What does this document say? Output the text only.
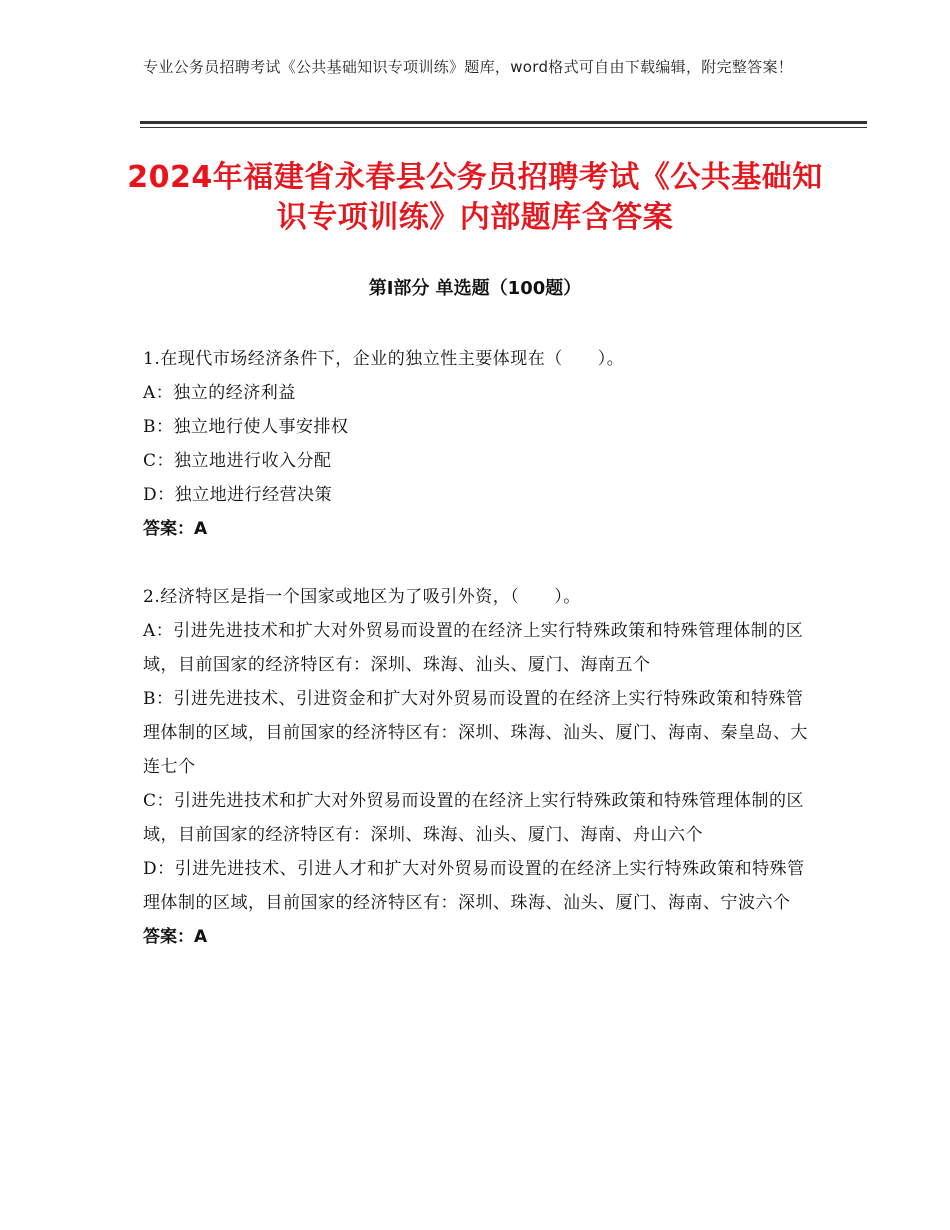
专业公务员招聘考试《公共基础知识专项训练》题库，word格式可自由下载编辑，附完整答案！
2024年福建省永春县公务员招聘考试《公共基础知识专项训练》内部题库含答案
第Ⅰ部分 单选题（100题）
1.在现代市场经济条件下，企业的独立性主要体现在（　　）。
A：独立的经济利益
B：独立地行使人事安排权
C：独立地进行收入分配
D：独立地进行经营决策
答案：A
2.经济特区是指一个国家或地区为了吸引外资，（　　）。
A：引进先进技术和扩大对外贸易而设置的在经济上实行特殊政策和特殊管理体制的区域，目前国家的经济特区有：深圳、珠海、汕头、厦门、海南五个
B：引进先进技术、引进资金和扩大对外贸易而设置的在经济上实行特殊政策和特殊管理体制的区域，目前国家的经济特区有：深圳、珠海、汕头、厦门、海南、秦皇岛、大连七个
C：引进先进技术和扩大对外贸易而设置的在经济上实行特殊政策和特殊管理体制的区域，目前国家的经济特区有：深圳、珠海、汕头、厦门、海南、舟山六个
D：引进先进技术、引进人才和扩大对外贸易而设置的在经济上实行特殊政策和特殊管理体制的区域，目前国家的经济特区有：深圳、珠海、汕头、厦门、海南、宁波六个
答案：A
